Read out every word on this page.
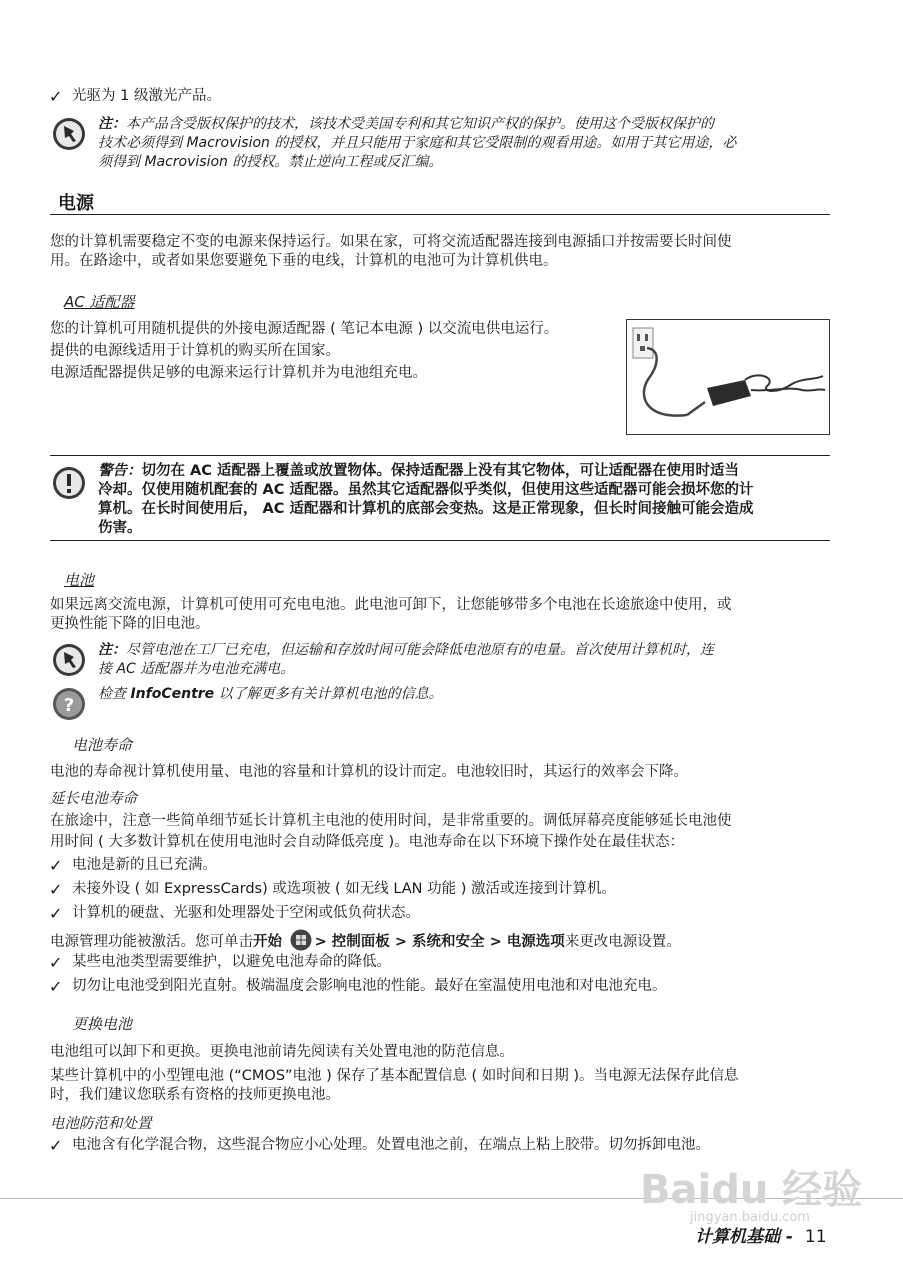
✓ 光驱为 1 级激光产品。
注：本产品含受版权保护的技术，该技术受美国专利和其它知识产权的保护。使用这个受版权保护的
技术必须得到 Macrovision 的授权，并且只能用于家庭和其它受限制的观看用途。如用于其它用途，必
须得到 Macrovision 的授权。禁止逆向工程或反汇编。
电源
您的计算机需要稳定不变的电源来保持运行。如果在家，可将交流适配器连接到电源插口并按需要长时间使
用。在路途中，或者如果您要避免下垂的电线，计算机的电池可为计算机供电。
AC 适配器
您的计算机可用随机提供的外接电源适配器 ( 笔记本电源 ) 以交流电供电运行。
提供的电源线适用于计算机的购买所在国家。
电源适配器提供足够的电源来运行计算机并为电池组充电。
警告：切勿在 AC 适配器上覆盖或放置物体。保持适配器上没有其它物体，可让适配器在使用时适当
冷却。仅使用随机配套的 AC 适配器。虽然其它适配器似乎类似，但使用这些适配器可能会损坏您的计
算机。在长时间使用后， AC 适配器和计算机的底部会变热。这是正常现象，但长时间接触可能会造成
伤害。
电池
如果远离交流电源，计算机可使用可充电电池。此电池可卸下，让您能够带多个电池在长途旅途中使用，或
更换性能下降的旧电池。
注：尽管电池在工厂已充电，但运输和存放时间可能会降低电池原有的电量。首次使用计算机时，连
接 AC 适配器并为电池充满电。
?
检查 InfoCentre 以了解更多有关计算机电池的信息。
电池寿命
电池的寿命视计算机使用量、电池的容量和计算机的设计而定。电池较旧时，其运行的效率会下降。
延长电池寿命
在旅途中，注意一些简单细节延长计算机主电池的使用时间，是非常重要的。调低屏幕亮度能够延长电池使
用时间 ( 大多数计算机在使用电池时会自动降低亮度 )。电池寿命在以下环境下操作处在最佳状态：
✓ 电池是新的且已充满。
✓ 未接外设 ( 如 ExpressCards) 或选项被 ( 如无线 LAN 功能 ) 激活或连接到计算机。
✓ 计算机的硬盘、光驱和处理器处于空闲或低负荷状态。
电源管理功能被激活。您可单击开始 > 控制面板 > 系统和安全 > 电源选项来更改电源设置。
✓ 某些电池类型需要维护，以避免电池寿命的降低。
✓ 切勿让电池受到阳光直射。极端温度会影响电池的性能。最好在室温使用电池和对电池充电。
更换电池
电池组可以卸下和更换。更换电池前请先阅读有关处置电池的防范信息。
某些计算机中的小型锂电池 (“CMOS”电池 ) 保存了基本配置信息 ( 如时间和日期 )。当电源无法保存此信息
时，我们建议您联系有资格的技师更换电池。
电池防范和处置
✓ 电池含有化学混合物，这些混合物应小心处理。处置电池之前，在端点上粘上胶带。切勿拆卸电池。
Baidu 经验
jingyan.baidu.com
计算机基础 - 11
